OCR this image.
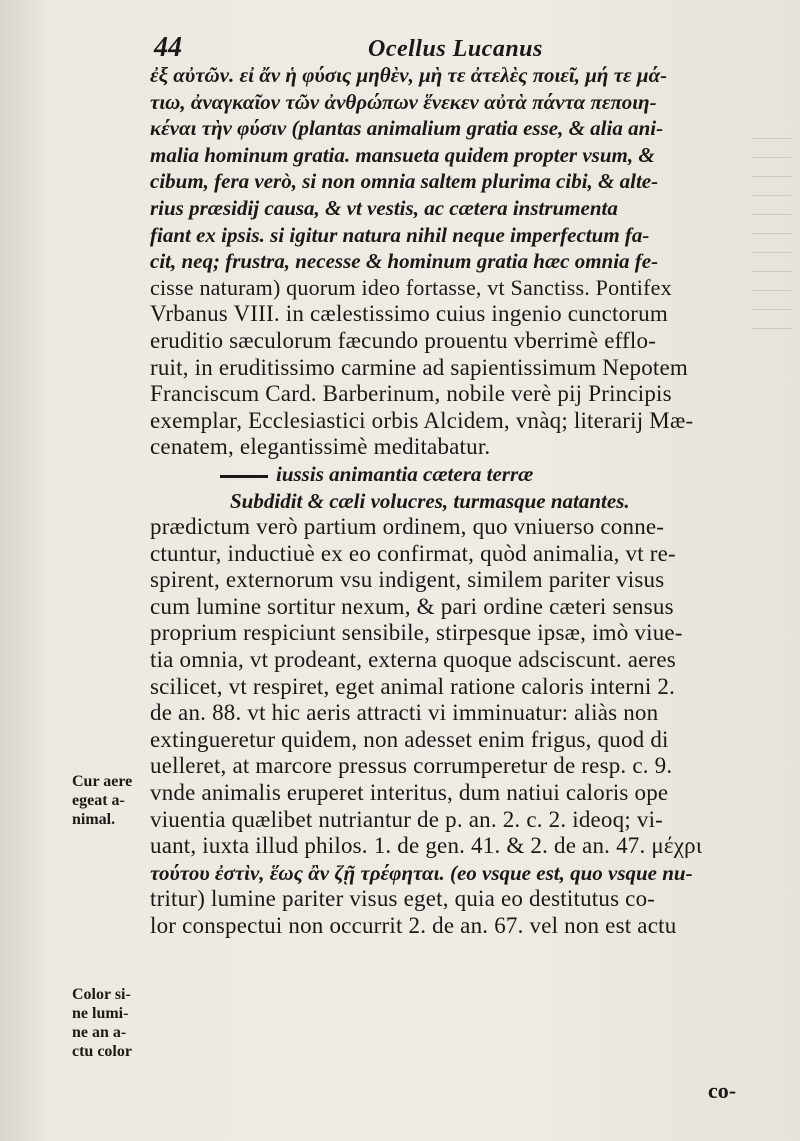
44	Ocellus Lucanus
ἐξ αὐτῶν. εἰ ἄν ἡ φύσις μηθὲν, μὴ τε ἀτελὲς ποιεῖ, μή τε μά-
τιω, ἀναγκαῖον τῶν ἀνθρώπων ἕνεκεν αὐτὰ πάντα πεποιη-
κέναι τὴν φύσιν (plantas animalium gratia esse, & alia ani-
malia hominum gratia. mansueta quidem propter vsum, &
cibum, fera verò, si non omnia saltem plurima cibi, & alte-
rius præsidij causa, & vt vestis, ac cætera instrumenta
fiant ex ipsis. si igitur natura nihil neque imperfectum fa-
cit, neq; frustra, necesse & hominum gratia hæc omnia fe-
cisse naturam) quorum ideo fortasse, vt Sanctiss. Pontifex
Vrbanus VIII. in cælestissimo cuius ingenio cunctorum
eruditio sæculorum fæcundo prouentu vberrimè efflo-
ruit, in eruditissimo carmine ad sapientissimum Nepotem
Franciscum Card. Barberinum, nobile verè pij Principis
exemplar, Ecclesiastici orbis Alcidem, vnàq; literarij Mæ-
cenatem, elegantissimè meditabatur.
iussis animantia cætera terræ
Subdidit & cæli volucres, turmasque natantes.
prædictum verò partium ordinem, quo vniuerso conne-
ctuntur, inductiuè ex eo confirmat, quòd animalia, vt re-
spirent, externorum vsu indigent, similem pariter visus
cum lumine sortitur nexum, & pari ordine cæteri sensus
proprium respiciunt sensibile, stirpesque ipsæ, imò viue-
tia omnia, vt prodeant, externa quoque adsciscunt. aeres
scilicet, vt respiret, eget animal ratione caloris interni 2.
de an. 88. vt hic aeris attracti vi imminuatur: aliàs non
extingueretur quidem, non adesset enim frigus, quod di
uelleret, at marcore pressus corrumperetur de resp. c. 9.
vnde animalis eruperet interitus, dum natiui caloris ope
viuentia quælibet nutriantur de p. an. 2. c. 2. ideoq; vi-
uant, iuxta illud philos. 1. de gen. 41. & 2. de an. 47. μέχρι
τούτου ἐστὶν, ἕως ἂν ζῇ τρέφηται. (eo vsque est, quo vsque nu-
tritur) lumine pariter visus eget, quia eo destitutus co-
lor conspectui non occurrit 2. de an. 67. vel non est actu
Cur aere
egeat a-
nimal.
Color si-
ne lumi-
ne an a-
ctu color
co-
